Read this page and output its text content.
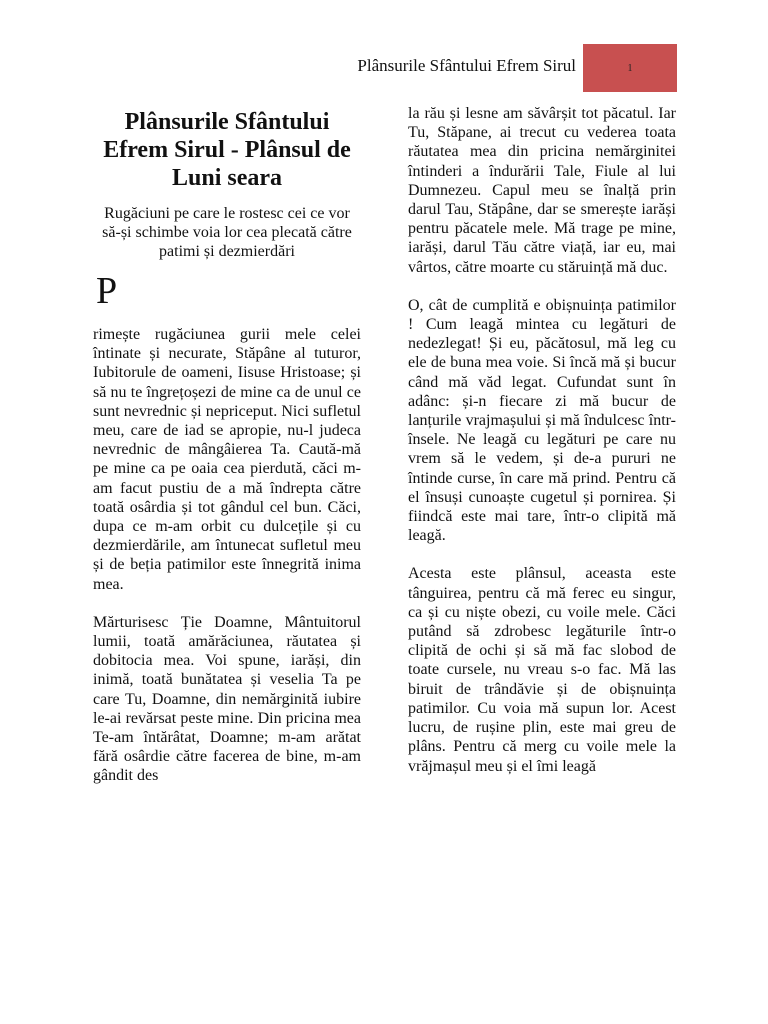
Plânsurile Sfântului Efrem Sirul	1
Plânsurile Sfântului Efrem Sirul - Plânsul de Luni seara
Rugăciuni pe care le rostesc cei ce vor să-și schimbe voia lor cea plecată către patimi și dezmierdări
P

rimește rugăciunea gurii mele celei întinate și necurate, Stăpâne al tuturor, Iubitorule de oameni, Iisuse Hristoase; și să nu te îngrețoșezi de mine ca de unul ce sunt nevrednic și nepriceput. Nici sufletul meu, care de iad se apropie, nu-l judeca nevrednic de mângâierea Ta. Caută-mă pe mine ca pe oaia cea pierdută, căci m-am facut pustiu de a mă îndrepta către toată osârdia și tot gândul cel bun. Căci, dupa ce m-am orbit cu dulcețile și cu dezmierdările, am întunecat sufletul meu și de beția patimilor este înnegrită inima mea.

Mărturisesc Ție Doamne, Mântuitorul lumii, toată amărăciunea, răutatea și dobitocia mea. Voi spune, iarăși, din inimă, toată bunătatea și veselia Ta pe care Tu, Doamne, din nemărginită iubire le-ai revărsat peste mine. Din pricina mea Te-am întărâtat, Doamne; m-am arătat fără osârdie către facerea de bine, m-am gândit des

la rău și lesne am săvârșit tot păcatul. Iar Tu, Stăpane, ai trecut cu vederea toata răutatea mea din pricina nemărginitei întinderi a îndurării Tale, Fiule al lui Dumnezeu. Capul meu se înalță prin darul Tau, Stăpâne, dar se smerește iarăși pentru păcatele mele. Mă trage pe mine, iarăși, darul Tău către viață, iar eu, mai vârtos, către moarte cu stăruință mă duc.

O, cât de cumplită e obișnuința patimilor ! Cum leagă mintea cu legături de nedezlegat! Și eu, păcătosul, mă leg cu ele de buna mea voie. Si încă mă și bucur când mă văd legat. Cufundat sunt în adânc: și-n fiecare zi mă bucur de lanțurile vrajmașului și mă îndulcesc într-însele. Ne leagă cu legături pe care nu vrem să le vedem, și de-a pururi ne întinde curse, în care mă prind. Pentru că el însuși cunoaște cugetul și pornirea. Și fiindcă este mai tare, într-o clipită mă leagă.

Acesta este plânsul, aceasta este tânguirea, pentru că mă ferec eu singur, ca și cu niște obezi, cu voile mele. Căci putând să zdrobesc legăturile într-o clipită de ochi și să mă fac slobod de toate cursele, nu vreau s-o fac. Mă las biruit de trândăvie și de obișnuința patimilor. Cu voia mă supun lor. Acest lucru, de rușine plin, este mai greu de plâns. Pentru că merg cu voile mele la vrăjmașul meu și el îmi leagă
